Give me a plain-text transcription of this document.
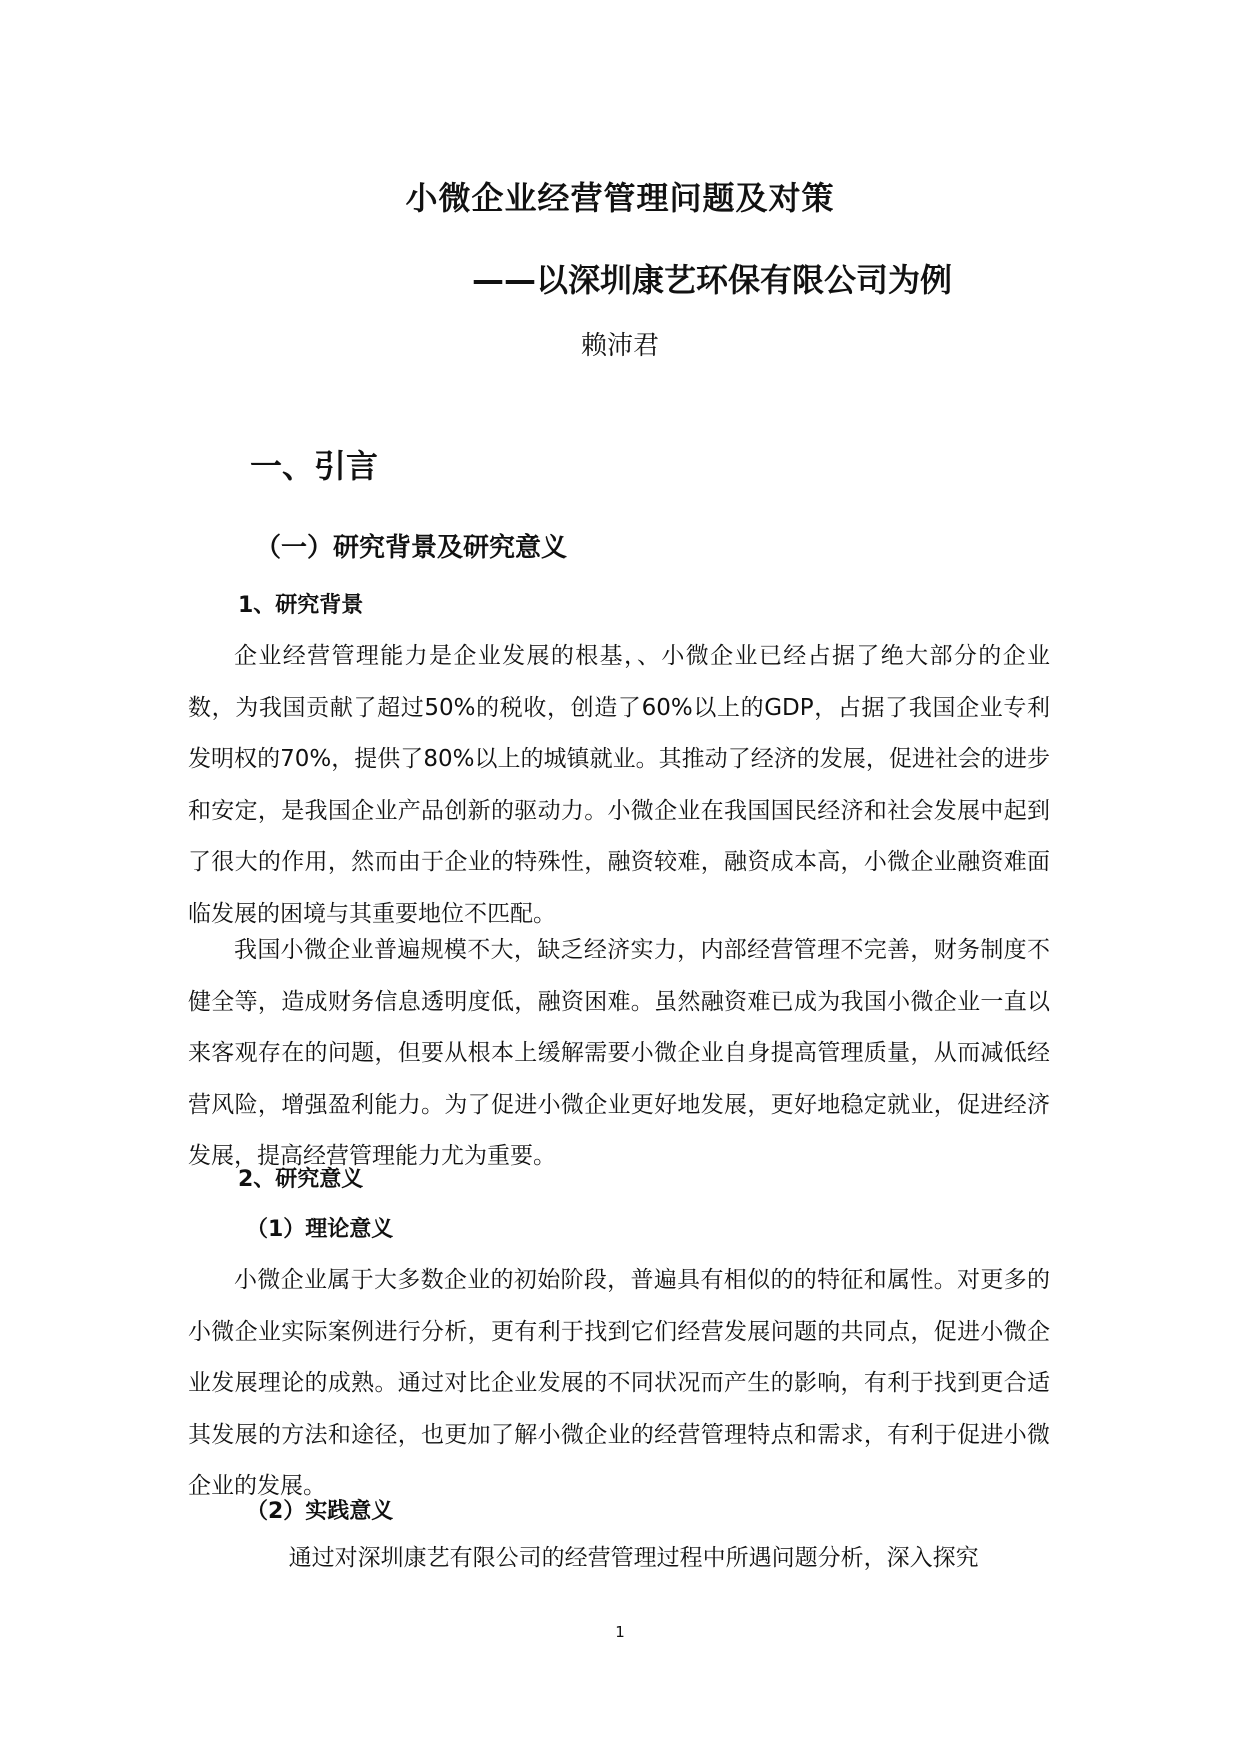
小微企业经营管理问题及对策
——以深圳康艺环保有限公司为例
赖沛君
一、引言
（一）研究背景及研究意义
1、研究背景

企业经营管理能力是企业发展的根基，、小微企业已经占据了绝大部分的企业数，为我国贡献了超过50%的税收，创造了60%以上的GDP，占据了我国企业专利发明权的70%，提供了80%以上的城镇就业。其推动了经济的发展，促进社会的进步和安定，是我国企业产品创新的驱动力。小微企业在我国国民经济和社会发展中起到了很大的作用，然而由于企业的特殊性，融资较难，融资成本高，小微企业融资难面临发展的困境与其重要地位不匹配。

我国小微企业普遍规模不大，缺乏经济实力，内部经营管理不完善，财务制度不健全等，造成财务信息透明度低，融资困难。虽然融资难已成为我国小微企业一直以来客观存在的问题，但要从根本上缓解需要小微企业自身提高管理质量，从而减低经营风险，增强盈利能力。为了促进小微企业更好地发展，更好地稳定就业，促进经济发展，提高经营管理能力尤为重要。

2、研究意义
（1）理论意义

小微企业属于大多数企业的初始阶段，普遍具有相似的的特征和属性。对更多的小微企业实际案例进行分析，更有利于找到它们经营发展问题的共同点，促进小微企业发展理论的成熟。通过对比企业发展的不同状况而产生的影响，有利于找到更合适其发展的方法和途径，也更加了解小微企业的经营管理特点和需求，有利于促进小微企业的发展。

（2）实践意义

通过对深圳康艺有限公司的经营管理过程中所遇问题分析，深入探究

1
